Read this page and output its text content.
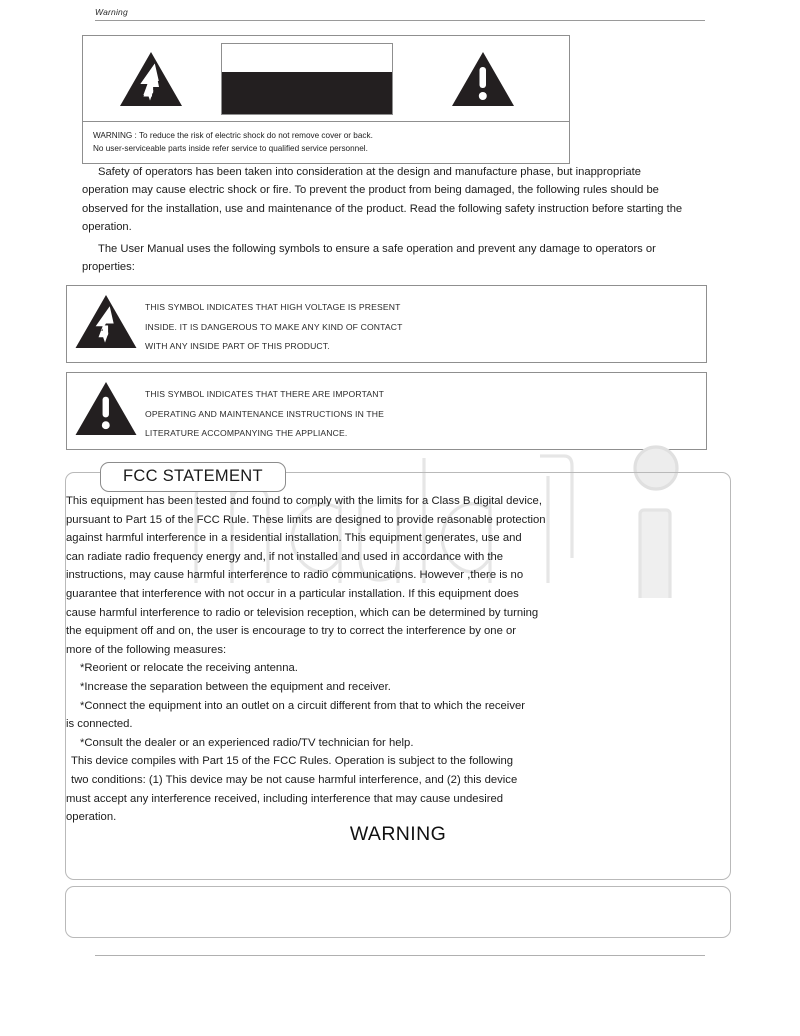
Warning
WARNING : To reduce the risk of electric shock do not remove cover or back.
No user-serviceable parts inside refer service to qualified service personnel.
Safety of operators has been taken into consideration at the design and manufacture phase, but inappropriate operation may cause electric shock or fire. To prevent the product from being damaged, the following rules should be observed for the installation, use and maintenance of the product. Read the following safety instruction before starting the operation.
The User Manual uses the following symbols to ensure a safe operation and prevent any damage to operators or properties:
THIS SYMBOL INDICATES THAT HIGH VOLTAGE IS PRESENT
INSIDE. IT IS DANGEROUS TO MAKE ANY KIND OF CONTACT
WITH ANY INSIDE PART OF THIS PRODUCT.
THIS SYMBOL INDICATES THAT THERE ARE IMPORTANT
OPERATING AND MAINTENANCE INSTRUCTIONS IN THE
LITERATURE ACCOMPANYING THE APPLIANCE.
FCC STATEMENT
This equipment has been tested and found to comply with the limits for a Class B digital device,
pursuant to Part 15 of the FCC Rule. These limits are designed to provide reasonable protection
against harmful interference in a residential installation. This equipment generates, use and
can radiate radio frequency energy and, if not installed and used in accordance with the
instructions, may cause harmful interference to radio communications. However ,there is no
guarantee that interference with not occur in a particular installation. If this equipment does
cause harmful interference to radio or television reception, which can be determined by turning
the equipment off and on, the user is encourage to try to correct the interference by one or
more of the following measures:
*Reorient or relocate the receiving antenna.
*Increase the separation between the equipment and receiver.
*Connect the equipment into an outlet on a circuit different from that to which the receiver
is connected.
*Consult the dealer or an experienced radio/TV technician for help.
This device compiles with Part 15 of the FCC Rules. Operation is subject to the following
two conditions: (1) This device may be not cause harmful interference, and (2) this device
must accept any interference received, including interference that may cause undesired
operation.
WARNING
